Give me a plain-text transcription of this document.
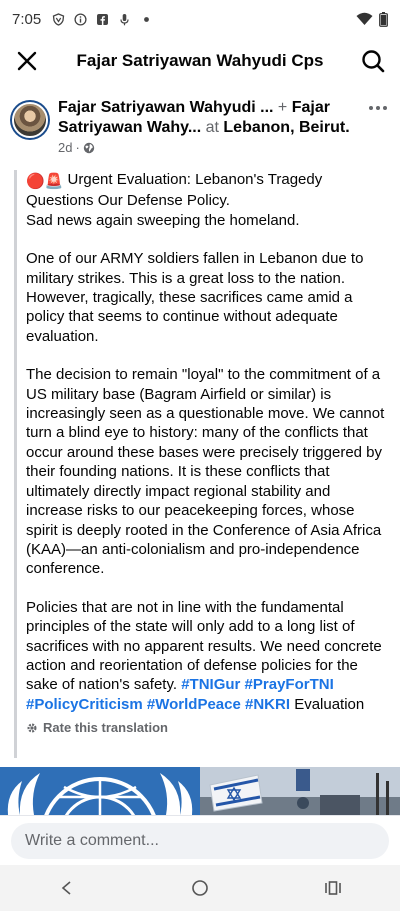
7:05
Fajar Satriyawan Wahyudi Cps
Fajar Satriyawan Wahyudi ... + Fajar
Satriyawan Wahy... at Lebanon, Beirut.
2d ·

🔴🚨 Urgent Evaluation: Lebanon's Tragedy

Questions Our Defense Policy.

Sad news again sweeping the homeland.

One of our ARMY soldiers fallen in Lebanon due to military strikes. This is a great loss to the nation. However, tragically, these sacrifices came amid a policy that seems to continue without adequate evaluation.
The decision to remain "loyal" to the commitment of a US military base (Bagram Airfield or similar) is increasingly seen as a questionable move. We cannot turn a blind eye to history: many of the conflicts that occur around these bases were precisely triggered by their founding nations. It is these conflicts that ultimately directly impact regional stability and increase risks to our peacekeeping forces, whose spirit is deeply rooted in the Conference of Asia Africa (KAA)—an anti-colonialism and pro-independence conference.
Policies that are not in line with the fundamental principles of the state will only add to a long list of sacrifices with no apparent results. We need concrete action and reorientation of defense policies for the sake of nation's safety. #TNIGur #PrayForTNI #PolicyCriticism #WorldPeace #NKRI Evaluation
Rate this translation
Write a comment...
